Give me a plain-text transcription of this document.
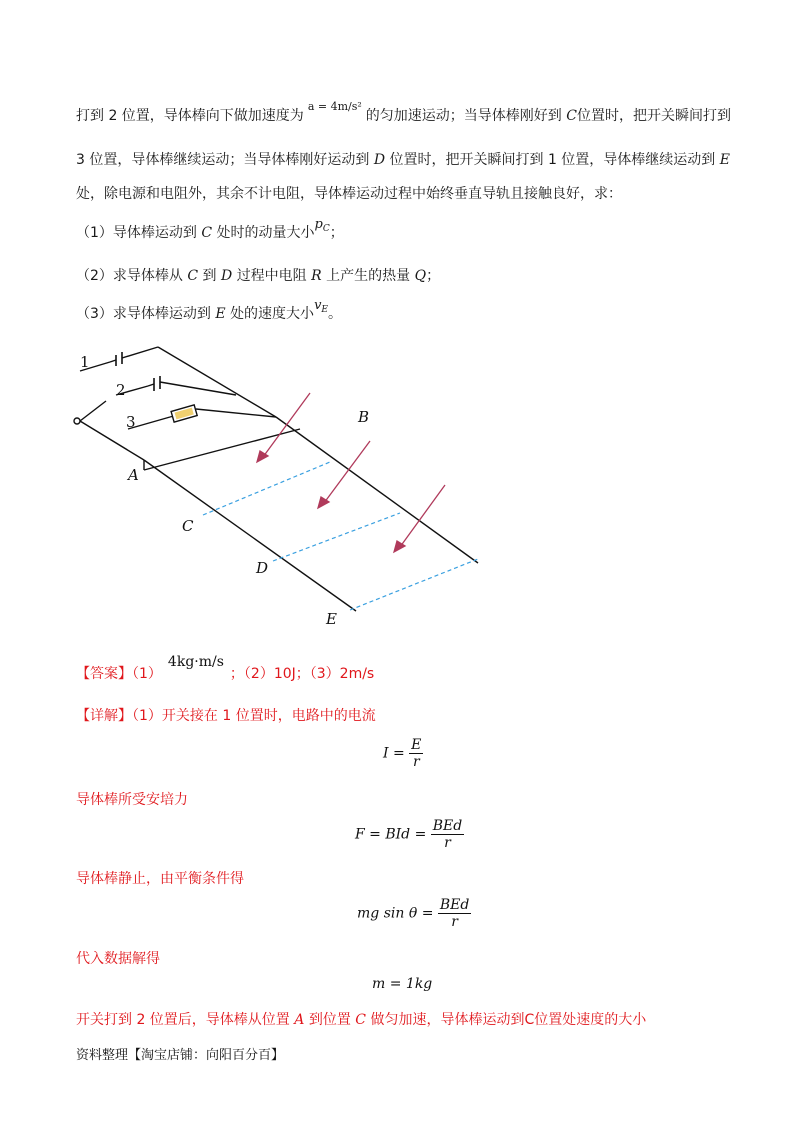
打到 2 位置，导体棒向下做加速度为$^{a = 4m/s^2}$的匀加速运动；当导体棒刚好到 C位置时，把开关瞬间打到
3 位置，导体棒继续运动；当导体棒刚好运动到 D 位置时，把开关瞬间打到 1 位置，导体棒继续运动到 E
处，除电源和电阻外，其余不计电阻，导体棒运动过程中始终垂直导轨且接触良好，求：
（1）导体棒运动到 C 处时的动量大小$p^C$；
（2）求导体棒从 C 到 D 过程中电阻 R 上产生的热量 Q；
（3）求导体棒运动到 E 处的速度大小$v^E$。
1
2
3
A
B
C
D
E
【答案】（1）4kg·m/s；（2）10J；（3）2m/s
【详解】（1）开关接在 1 位置时，电路中的电流
$I = \frac{E}{r}$
导体棒所受安培力
F = BId = $\frac{\text{BEd}}{r}$
导体棒静止，由平衡条件得
mg $\sin \theta = \frac{\text{BEd}}{r}$
代入数据解得
m = 1kg
开关打到 2 位置后，导体棒从位置 A 到位置 C 做匀加速，导体棒运动到C位置处速度的大小
资料整理【淘宝店铺：向阳百分百】
